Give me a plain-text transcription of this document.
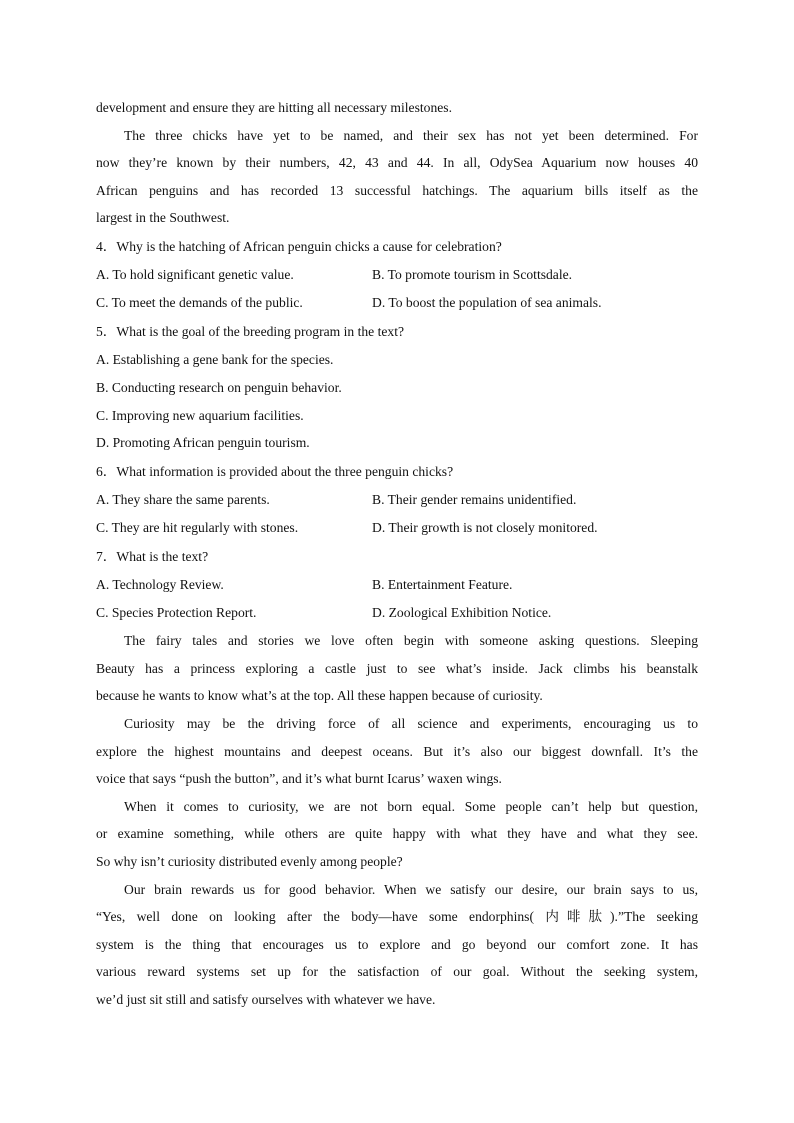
development and ensure they are hitting all necessary milestones.
The three chicks have yet to be named, and their sex has not yet been determined. For
now they’re known by their numbers, 42, 43 and 44. In all, OdySea Aquarium now houses 40
African penguins and has recorded 13 successful hatchings. The aquarium bills itself as the
largest in the Southwest.
4．Why is the hatching of African penguin chicks a cause for celebration?
A. To hold significant genetic value.	B. To promote tourism in Scottsdale.
C. To meet the demands of the public.	D. To boost the population of sea animals.
5．What is the goal of the breeding program in the text?
A. Establishing a gene bank for the species.
B. Conducting research on penguin behavior.
C. Improving new aquarium facilities.
D. Promoting African penguin tourism.
6．What information is provided about the three penguin chicks?
A. They share the same parents.	B. Their gender remains unidentified.
C. They are hit regularly with stones.	D. Their growth is not closely monitored.
7．What is the text?
A. Technology Review.	B. Entertainment Feature.
C. Species Protection Report.	D. Zoological Exhibition Notice.
The fairy tales and stories we love often begin with someone asking questions. Sleeping
Beauty has a princess exploring a castle just to see what’s inside. Jack climbs his beanstalk
because he wants to know what’s at the top. All these happen because of curiosity.
Curiosity may be the driving force of all science and experiments, encouraging us to
explore the highest mountains and deepest oceans. But it’s also our biggest downfall. It’s the
voice that says “push the button”, and it’s what burnt Icarus’ waxen wings.
When it comes to curiosity, we are not born equal. Some people can’t help but question,
or examine something, while others are quite happy with what they have and what they see.
So why isn’t curiosity distributed evenly among people?
Our brain rewards us for good behavior. When we satisfy our desire, our brain says to us,
“Yes, well done on looking after the body—have some endorphins( 内啡肽).”The seeking
system is the thing that encourages us to explore and go beyond our comfort zone. It has
various reward systems set up for the satisfaction of our goal. Without the seeking system,
we’d just sit still and satisfy ourselves with whatever we have.
